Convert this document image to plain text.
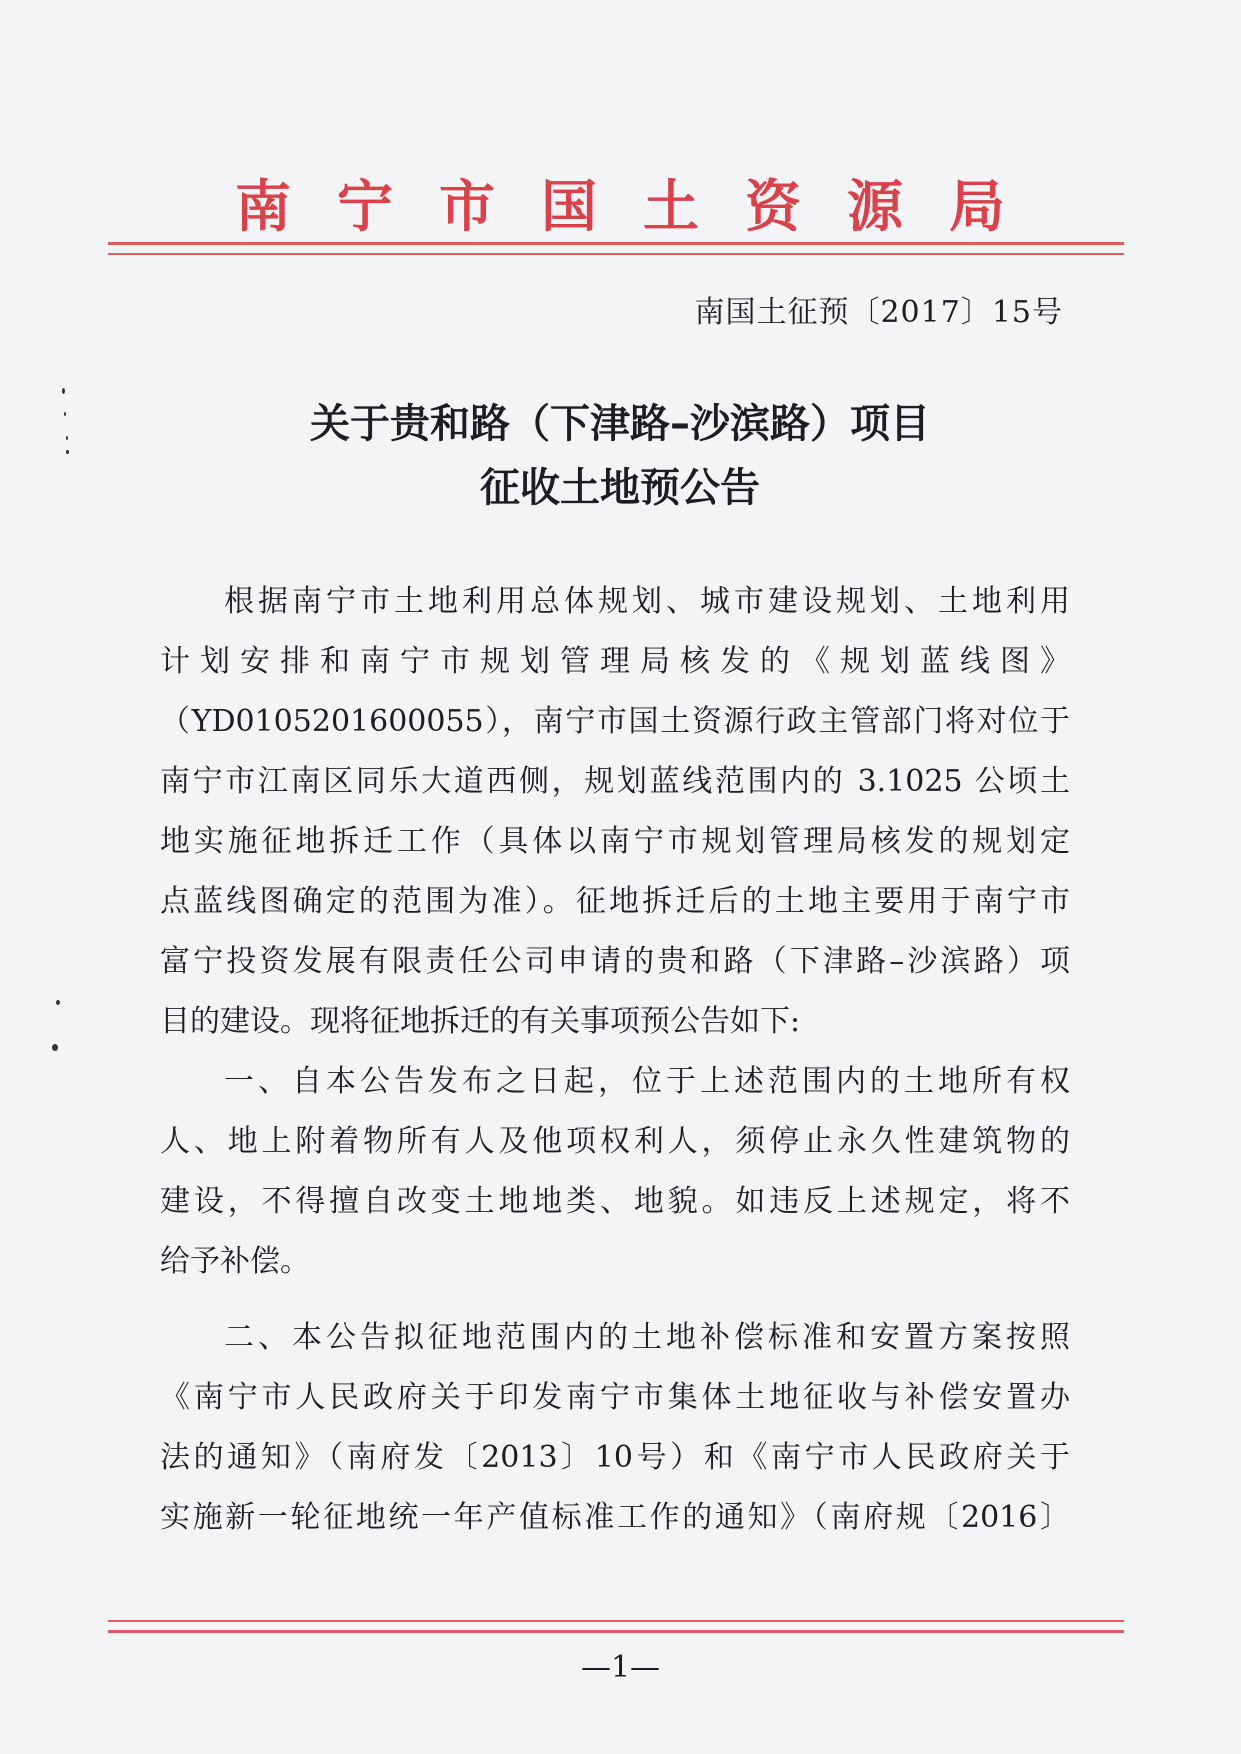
南 宁 市 国 土 资 源 局
南国土征预〔2017〕15号
关于贵和路（下津路–沙滨路）项目
征收土地预公告
根据南宁市土地利用总体规划、城市建设规划、土地利用
计划安排和南宁市规划管理局核发的《规划蓝线图》
（YD0105201600055），南宁市国土资源行政主管部门将对位于
南宁市江南区同乐大道西侧，规划蓝线范围内的 3.1025 公顷土
地实施征地拆迁工作（具体以南宁市规划管理局核发的规划定
点蓝线图确定的范围为准）。征地拆迁后的土地主要用于南宁市
富宁投资发展有限责任公司申请的贵和路（下津路–沙滨路）项
目的建设。现将征地拆迁的有关事项预公告如下:
一、自本公告发布之日起，位于上述范围内的土地所有权
人、地上附着物所有人及他项权利人，须停止永久性建筑物的
建设，不得擅自改变土地地类、地貌。如违反上述规定，将不
给予补偿。
二、本公告拟征地范围内的土地补偿标准和安置方案按照
《南宁市人民政府关于印发南宁市集体土地征收与补偿安置办
法的通知》（南府发〔2013〕10号）和《南宁市人民政府关于
实施新一轮征地统一年产值标准工作的通知》（南府规〔2016〕
—1—
